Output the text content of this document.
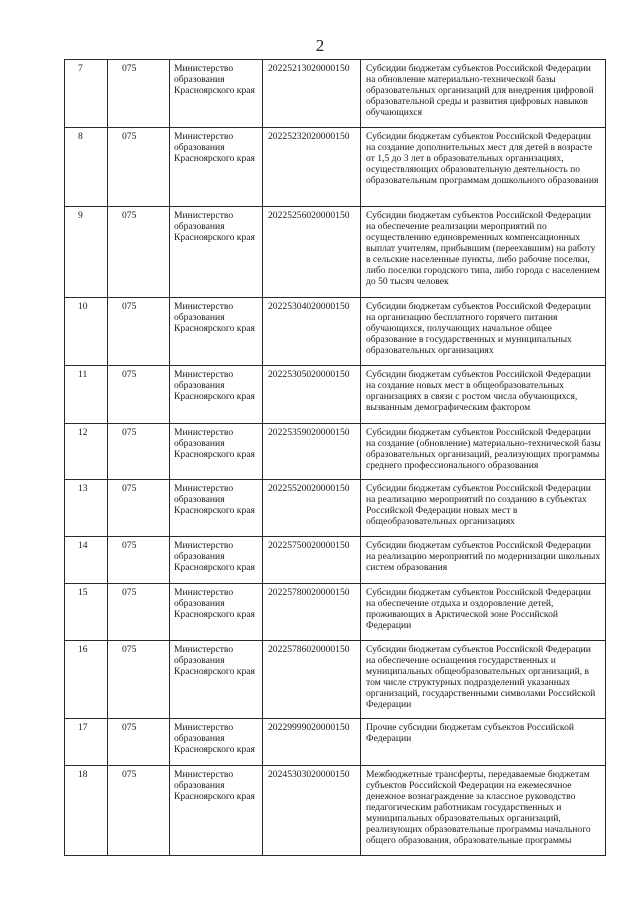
2
7	075	Министерство образования Красноярского края	20225213020000150	Субсидии бюджетам субъектов Российской Федерации на обновление материально-технической базы образовательных организаций для внедрения цифровой образовательной среды и развития цифровых навыков обучающихся
8	075	Министерство образования Красноярского края	20225232020000150	Субсидии бюджетам субъектов Российской Федерации на создание дополнительных мест для детей в возрасте от 1,5 до 3 лет в образовательных организациях, осуществляющих образовательную деятельность по образовательным программам дошкольного образования
9	075	Министерство образования Красноярского края	20225256020000150	Субсидии бюджетам субъектов Российской Федерации на обеспечение реализации мероприятий по осуществлению единовременных компенсационных выплат учителям, прибывшим (переехавшим) на работу в сельские населенные пункты, либо рабочие поселки, либо поселки городского типа, либо города с населением до 50 тысяч человек
10	075	Министерство образования Красноярского края	20225304020000150	Субсидии бюджетам субъектов Российской Федерации на организацию бесплатного горячего питания обучающихся, получающих начальное общее образование в государственных и муниципальных образовательных организациях
11	075	Министерство образования Красноярского края	20225305020000150	Субсидии бюджетам субъектов Российской Федерации на создание новых мест в общеобразовательных организациях в связи с ростом числа обучающихся, вызванным демографическим фактором
12	075	Министерство образования Красноярского края	20225359020000150	Субсидии бюджетам субъектов Российской Федерации на создание (обновление) материально-технической базы образовательных организаций, реализующих программы среднего профессионального образования
13	075	Министерство образования Красноярского края	20225520020000150	Субсидии бюджетам субъектов Российской Федерации на реализацию мероприятий по созданию в субъектах Российской Федерации новых мест в общеобразовательных организациях
14	075	Министерство образования Красноярского края	20225750020000150	Субсидии бюджетам субъектов Российской Федерации на реализацию мероприятий по модернизации школьных систем образования
15	075	Министерство образования Красноярского края	20225780020000150	Субсидии бюджетам субъектов Российской Федерации на обеспечение отдыха и оздоровление детей, проживающих в Арктической зоне Российской Федерации
16	075	Министерство образования Красноярского края	20225786020000150	Субсидии бюджетам субъектов Российской Федерации на обеспечение оснащения государственных и муниципальных общеобразовательных организаций, в том числе структурных подразделений указанных организаций, государственными символами Российской Федерации
17	075	Министерство образования Красноярского края	20229999020000150	Прочие субсидии бюджетам субъектов Российской Федерации
18	075	Министерство образования Красноярского края	20245303020000150	Межбюджетные трансферты, передаваемые бюджетам субъектов Российской Федерации на ежемесячное денежное вознаграждение за классное руководство педагогическим работникам государственных и муниципальных образовательных организаций, реализующих образовательные программы начального общего образования, образовательные программы
